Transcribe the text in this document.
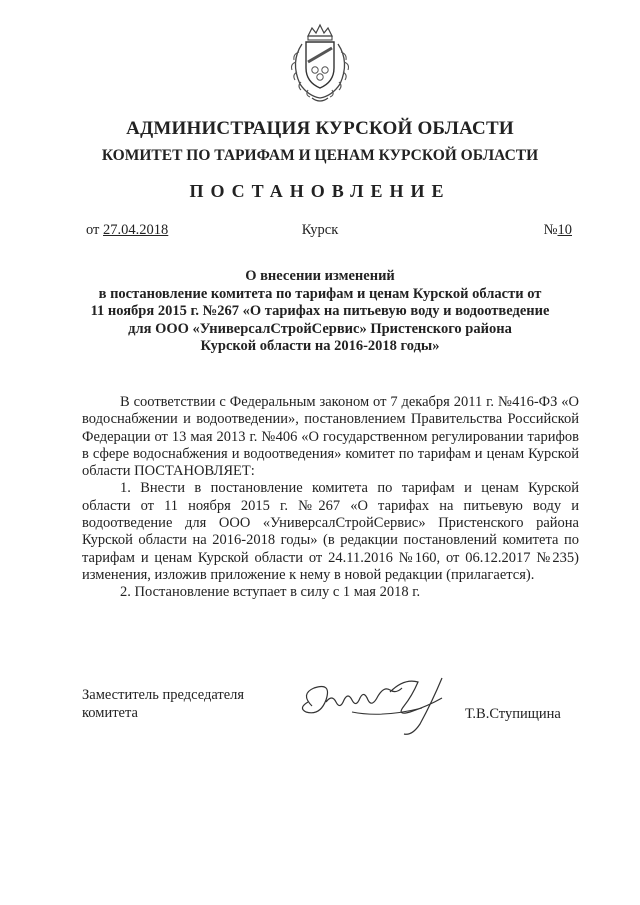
АДМИНИСТРАЦИЯ КУРСКОЙ ОБЛАСТИ
КОМИТЕТ ПО ТАРИФАМ И ЦЕНАМ КУРСКОЙ ОБЛАСТИ
ПОСТАНОВЛЕНИЕ
от 27.04.2018	Курск	№10
О внесении изменений
в постановление комитета по тарифам и ценам Курской области от
11 ноября 2015 г. №267 «О тарифах на питьевую воду и водоотведение
для ООО «УниверсалСтройСервис» Пристенского района
Курской области на 2016-2018 годы»

В соответствии с Федеральным законом от 7 декабря 2011 г. №416-ФЗ «О водоснабжении и водоотведении», постановлением Правительства Российской Федерации от 13 мая 2013 г. №406 «О государственном регулировании тарифов в сфере водоснабжения и водоотведения» комитет по тарифам и ценам Курской области ПОСТАНОВЛЯЕТ:

1. Внести в постановление комитета по тарифам и ценам Курской области от 11 ноября 2015 г. №267 «О тарифах на питьевую воду и водоотведение для ООО «УниверсалСтройСервис» Пристенского района Курской области на 2016-2018 годы» (в редакции постановлений комитета по тарифам и ценам Курской области от 24.11.2016 №160, от 06.12.2017 №235) изменения, изложив приложение к нему в новой редакции (прилагается).

2. Постановление вступает в силу с 1 мая 2018 г.

Заместитель председателя
комитета	Т.В.Ступищина
